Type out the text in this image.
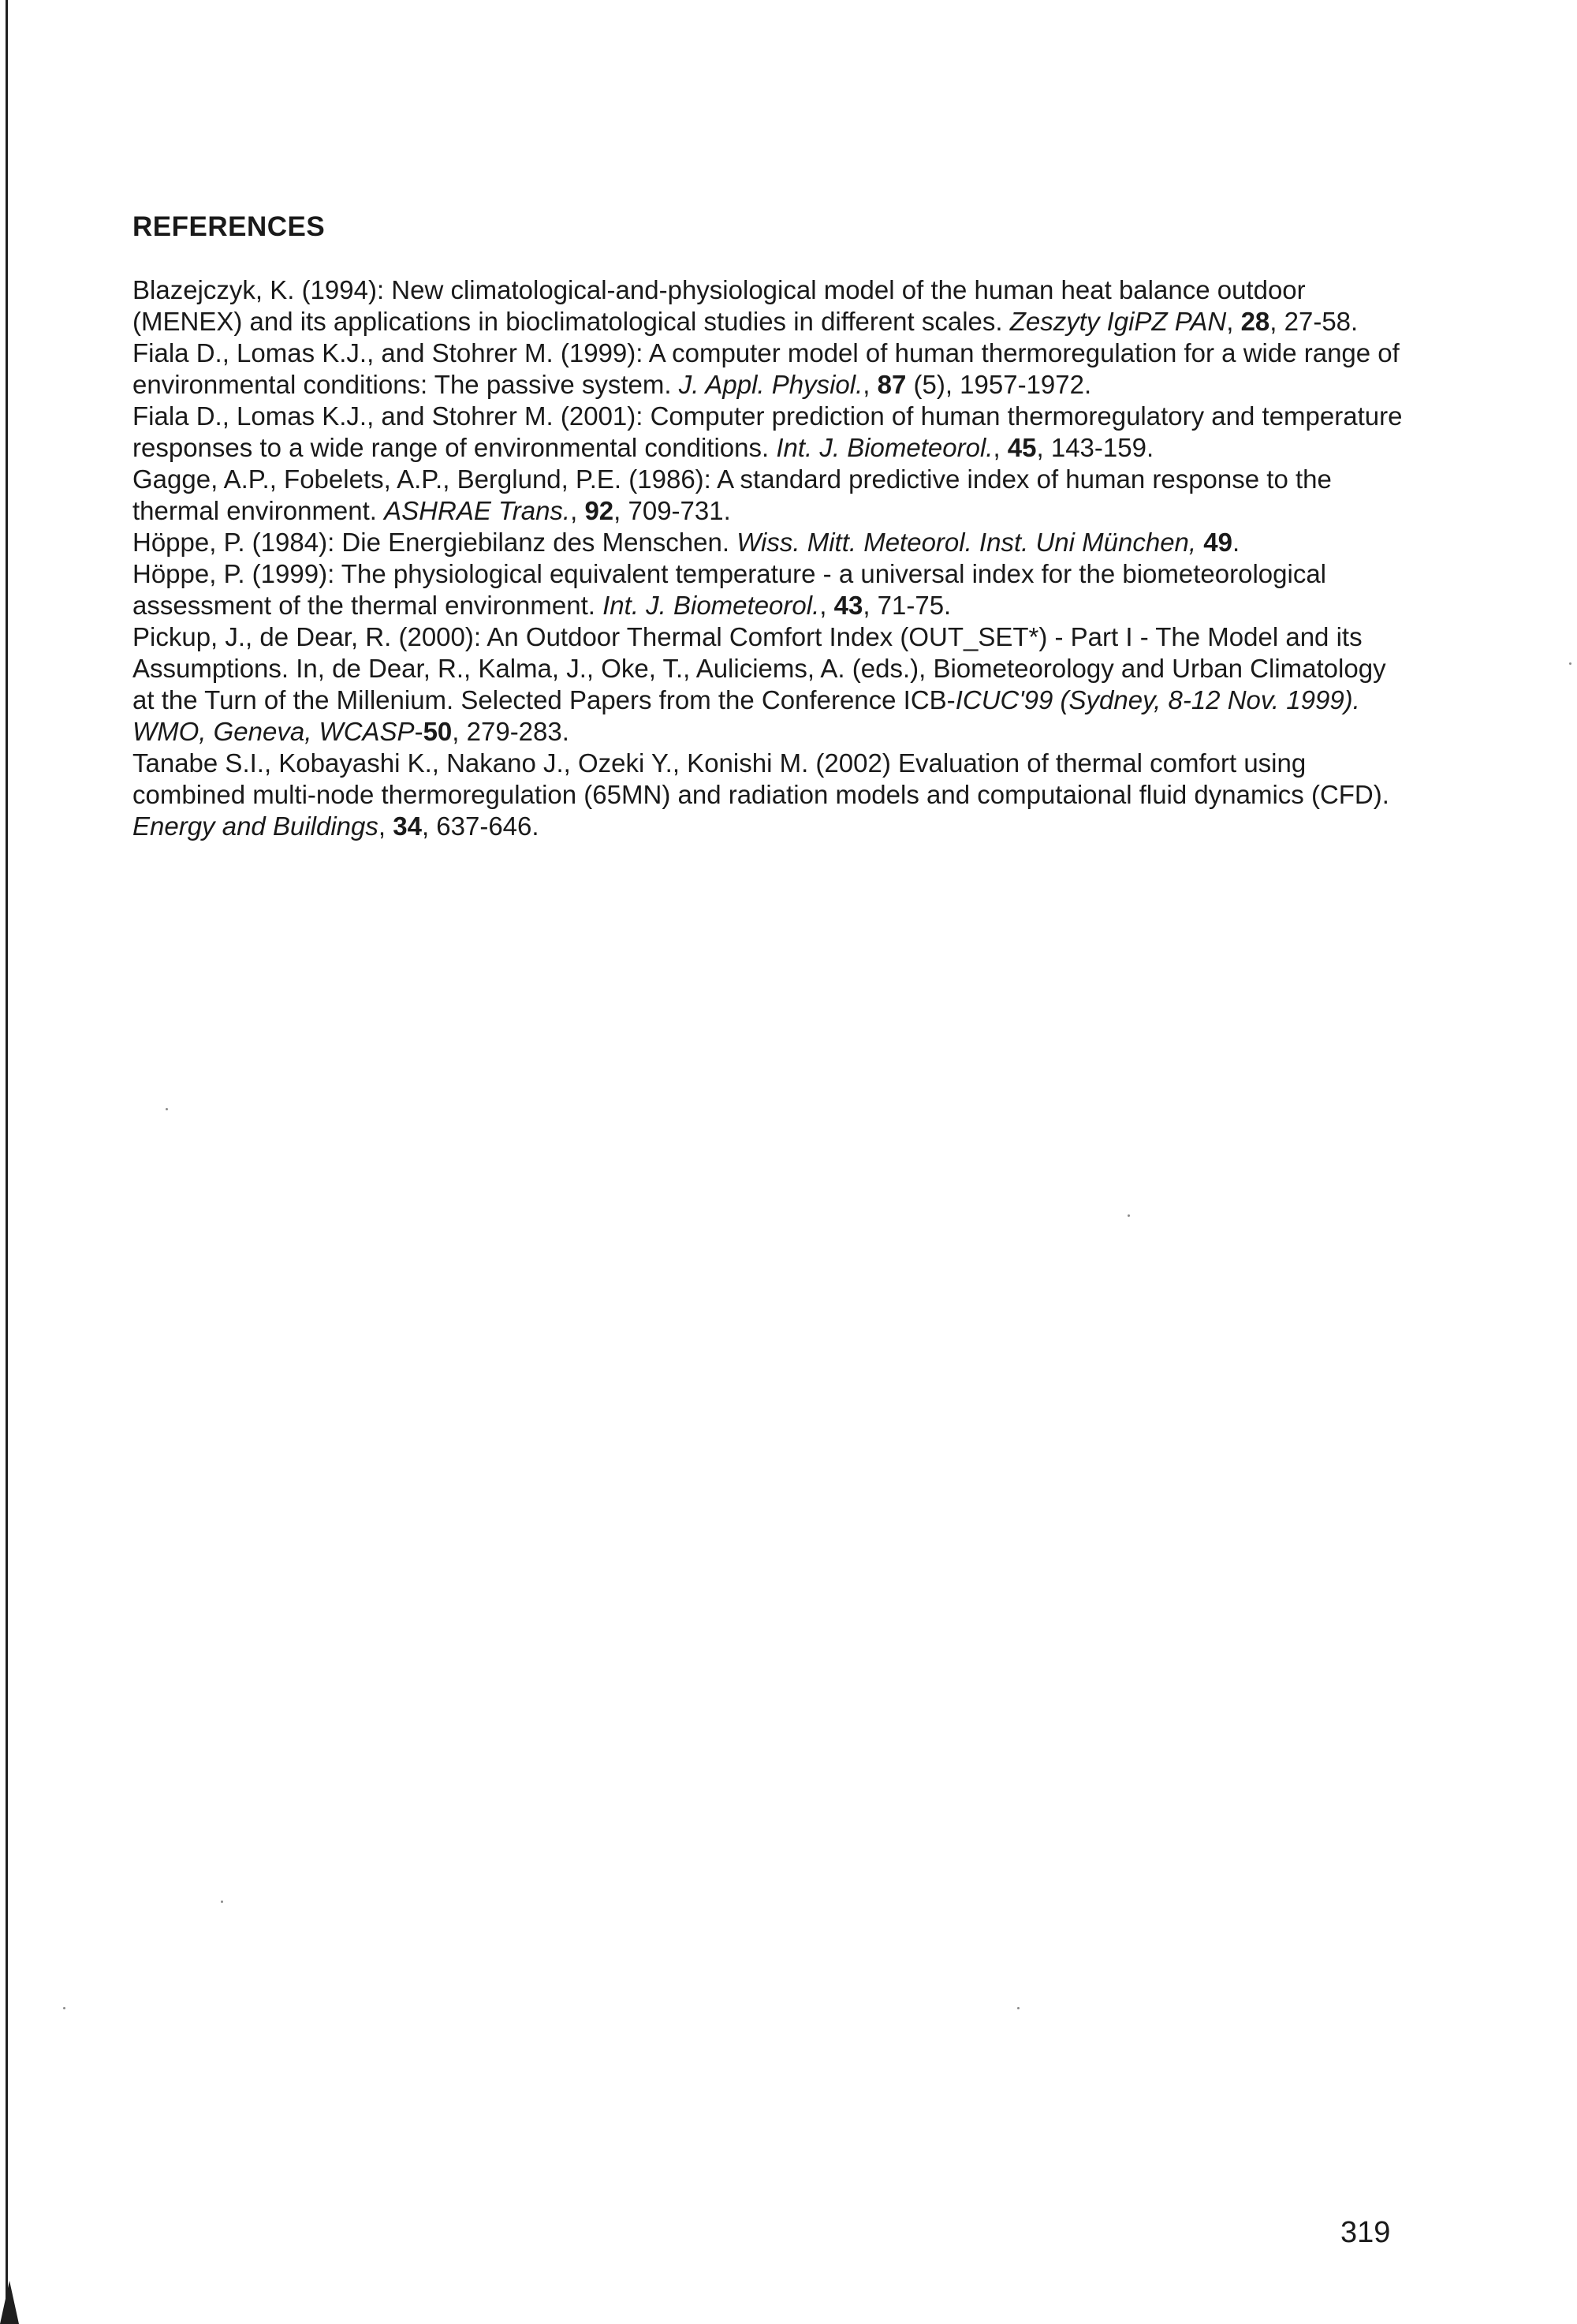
REFERENCES

Blazejczyk, K. (1994): New climatological-and-physiological model of the human heat balance outdoor (MENEX) and its applications in bioclimatological studies in different scales. Zeszyty IgiPZ PAN, 28, 27-58.

Fiala D., Lomas K.J., and Stohrer M. (1999): A computer model of human thermoregulation for a wide range of environmental conditions: The passive system. J. Appl. Physiol., 87 (5), 1957-1972.

Fiala D., Lomas K.J., and Stohrer M. (2001): Computer prediction of human thermoregulatory and temperature responses to a wide range of environmental conditions. Int. J. Biometeorol., 45, 143-159.

Gagge, A.P., Fobelets, A.P., Berglund, P.E. (1986): A standard predictive index of human response to the thermal environment. ASHRAE Trans., 92, 709-731.

Höppe, P. (1984): Die Energiebilanz des Menschen. Wiss. Mitt. Meteorol. Inst. Uni München, 49.

Höppe, P. (1999): The physiological equivalent temperature - a universal index for the biometeorological assessment of the thermal environment. Int. J. Biometeorol., 43, 71-75.

Pickup, J., de Dear, R. (2000): An Outdoor Thermal Comfort Index (OUT_SET*) - Part I - The Model and its Assumptions. In, de Dear, R., Kalma, J., Oke, T., Auliciems, A. (eds.), Biometeorology and Urban Climatology at the Turn of the Millenium. Selected Papers from the Conference ICB-ICUC'99 (Sydney, 8-12 Nov. 1999). WMO, Geneva, WCASP-50, 279-283.

Tanabe S.I., Kobayashi K., Nakano J., Ozeki Y., Konishi M. (2002) Evaluation of thermal comfort using combined multi-node thermoregulation (65MN) and radiation models and computaional fluid dynamics (CFD). Energy and Buildings, 34, 637-646.

319
